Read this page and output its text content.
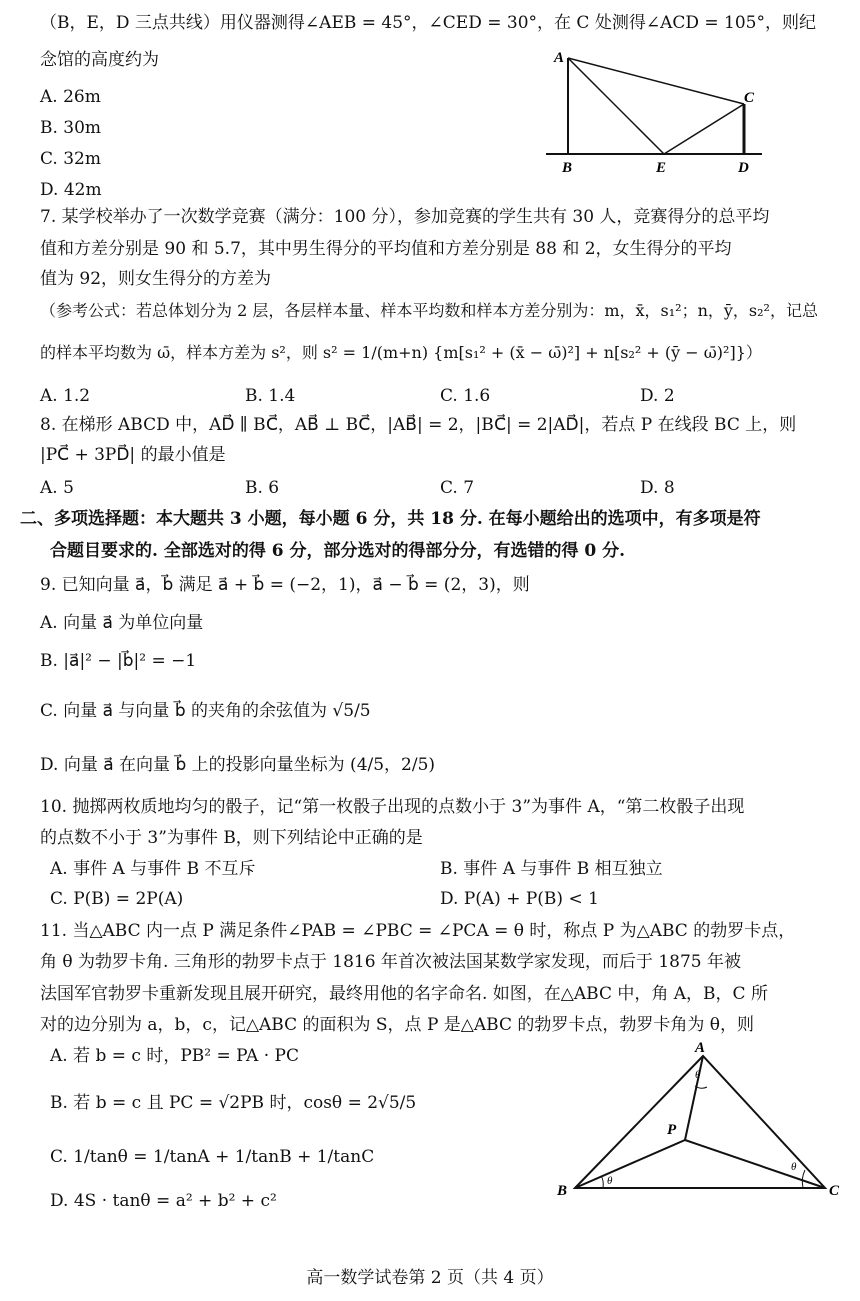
（B，E，D 三点共线）用仪器测得∠AEB = 45°，∠CED = 30°，在 C 处测得∠ACD = 105°，则纪
念馆的高度约为
A. 26m
B. 30m
C. 32m
D. 42m
A
B
C
D
E
7. 某学校举办了一次数学竞赛（满分：100 分），参加竞赛的学生共有 30 人，竞赛得分的总平均
值和方差分别是 90 和 5.7，其中男生得分的平均值和方差分别是 88 和 2，女生得分的平均
值为 92，则女生得分的方差为
（参考公式：若总体划分为 2 层，各层样本量、样本平均数和样本方差分别为：m，x̄，s₁²；n，ȳ，s₂²，记总
的样本平均数为 ω̄，样本方差为 s²，则 s² = 1/(m+n) {m[s₁² + (x̄ − ω̄)²] + n[s₂² + (ȳ − ω̄)²]}）
A. 1.2	B. 1.4	C. 1.6	D. 2
8. 在梯形 ABCD 中，AD⃗ ∥ BC⃗，AB⃗ ⊥ BC⃗，|AB⃗| = 2，|BC⃗| = 2|AD⃗|，若点 P 在线段 BC 上，则
|PC⃗ + 3PD⃗| 的最小值是
A. 5	B. 6	C. 7	D. 8
二、多项选择题：本大题共 3 小题，每小题 6 分，共 18 分. 在每小题给出的选项中，有多项是符
合题目要求的. 全部选对的得 6 分，部分选对的得部分分，有选错的得 0 分.
9. 已知向量 a⃗，b⃗ 满足 a⃗ + b⃗ = (−2，1)，a⃗ − b⃗ = (2，3)，则
A. 向量 a⃗ 为单位向量
B. |a⃗|² − |b⃗|² = −1
C. 向量 a⃗ 与向量 b⃗ 的夹角的余弦值为 √5/5
D. 向量 a⃗ 在向量 b⃗ 上的投影向量坐标为 (4/5，2/5)
10. 抛掷两枚质地均匀的骰子，记“第一枚骰子出现的点数小于 3”为事件 A，“第二枚骰子出现
的点数不小于 3”为事件 B，则下列结论中正确的是
A. 事件 A 与事件 B 不互斥	B. 事件 A 与事件 B 相互独立
C. P(B) = 2P(A)	D. P(A) + P(B) < 1
11. 当△ABC 内一点 P 满足条件∠PAB = ∠PBC = ∠PCA = θ 时，称点 P 为△ABC 的勃罗卡点，
角 θ 为勃罗卡角. 三角形的勃罗卡点于 1816 年首次被法国某数学家发现，而后于 1875 年被
法国军官勃罗卡重新发现且展开研究，最终用他的名字命名. 如图，在△ABC 中，角 A，B，C 所
对的边分别为 a，b，c，记△ABC 的面积为 S，点 P 是△ABC 的勃罗卡点，勃罗卡角为 θ，则
A. 若 b = c 时，PB² = PA · PC
B. 若 b = c 且 PC = √2PB 时，cosθ = 2√5/5
C. 1/tanθ = 1/tanA + 1/tanB + 1/tanC
D. 4S · tanθ = a² + b² + c²
A
B	C
P
θ
θ
θ
高一数学试卷第 2 页（共 4 页）
